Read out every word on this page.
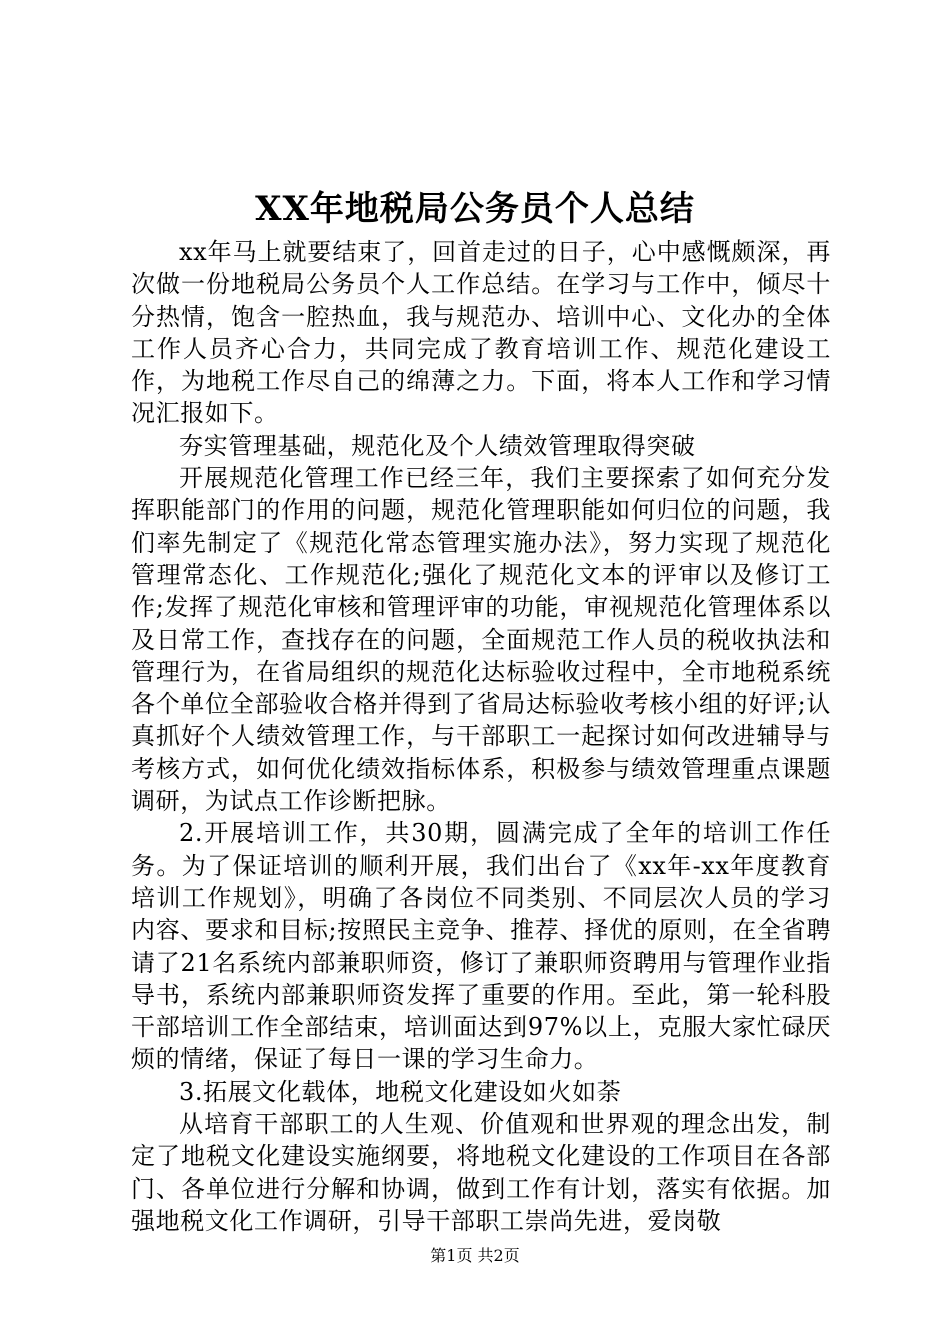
XX年地税局公务员个人总结

xx年马上就要结束了，回首走过的日子，心中感慨颇深，再次做一份地税局公务员个人工作总结。在学习与工作中，倾尽十分热情，饱含一腔热血，我与规范办、培训中心、文化办的全体工作人员齐心合力，共同完成了教育培训工作、规范化建设工作，为地税工作尽自己的绵薄之力。下面，将本人工作和学习情况汇报如下。

夯实管理基础，规范化及个人绩效管理取得突破

开展规范化管理工作已经三年，我们主要探索了如何充分发挥职能部门的作用的问题，规范化管理职能如何归位的问题，我们率先制定了《规范化常态管理实施办法》，努力实现了规范化管理常态化、工作规范化;强化了规范化文本的评审以及修订工作;发挥了规范化审核和管理评审的功能，审视规范化管理体系以及日常工作，查找存在的问题，全面规范工作人员的税收执法和管理行为，在省局组织的规范化达标验收过程中，全市地税系统各个单位全部验收合格并得到了省局达标验收考核小组的好评;认真抓好个人绩效管理工作，与干部职工一起探讨如何改进辅导与考核方式，如何优化绩效指标体系，积极参与绩效管理重点课题调研，为试点工作诊断把脉。

2.开展培训工作，共30期，圆满完成了全年的培训工作任务。为了保证培训的顺利开展，我们出台了《xx年-xx年度教育培训工作规划》，明确了各岗位不同类别、不同层次人员的学习内容、要求和目标;按照民主竞争、推荐、择优的原则，在全省聘请了21名系统内部兼职师资，修订了兼职师资聘用与管理作业指导书，系统内部兼职师资发挥了重要的作用。至此，第一轮科股干部培训工作全部结束，培训面达到97%以上，克服大家忙碌厌烦的情绪，保证了每日一课的学习生命力。

3.拓展文化载体，地税文化建设如火如荼

从培育干部职工的人生观、价值观和世界观的理念出发，制定了地税文化建设实施纲要，将地税文化建设的工作项目在各部门、各单位进行分解和协调，做到工作有计划，落实有依据。加强地税文化工作调研，引导干部职工崇尚先进，爱岗敬

第1页 共2页
